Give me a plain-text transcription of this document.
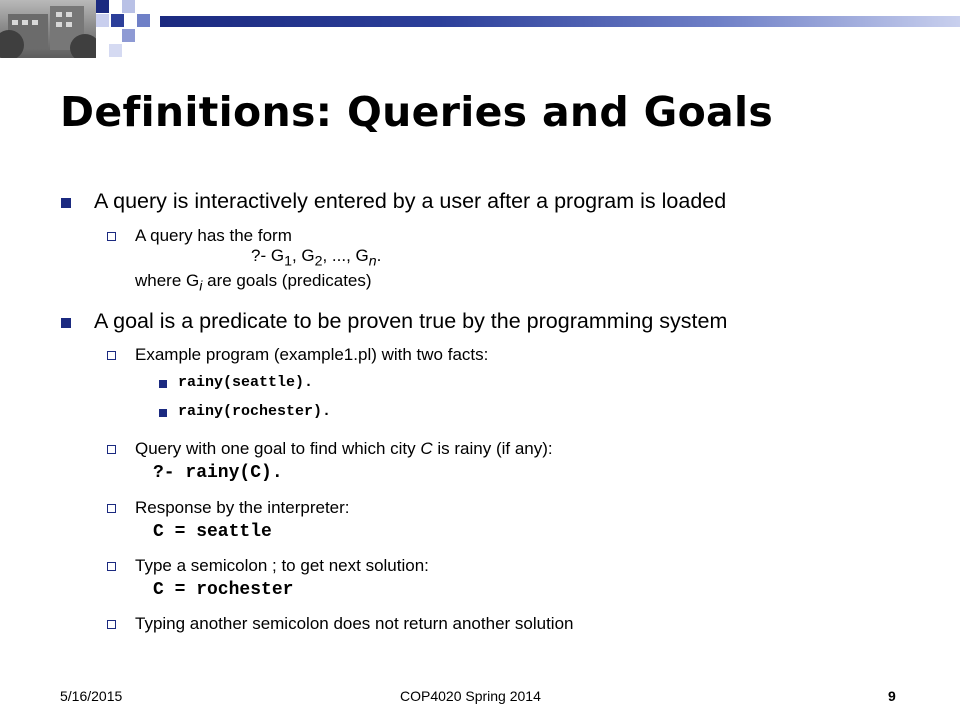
Definitions: Queries and Goals
A query is interactively entered by a user after a program is loaded
A query has the form
?- $G_1$, $G_2$, ..., $G_n$.
where $G_i$ are goals (predicates)
A goal is a predicate to be proven true by the programming system
Example program (example1.pl) with two facts:
rainy(seattle).
rainy(rochester).
Query with one goal to find which city C is rainy (if any):
?- rainy(C).
Response by the interpreter:
C = seattle
Type a semicolon ; to get next solution:
C = rochester
Typing another semicolon does not return another solution
5/16/2015	COP4020 Spring 2014	9
